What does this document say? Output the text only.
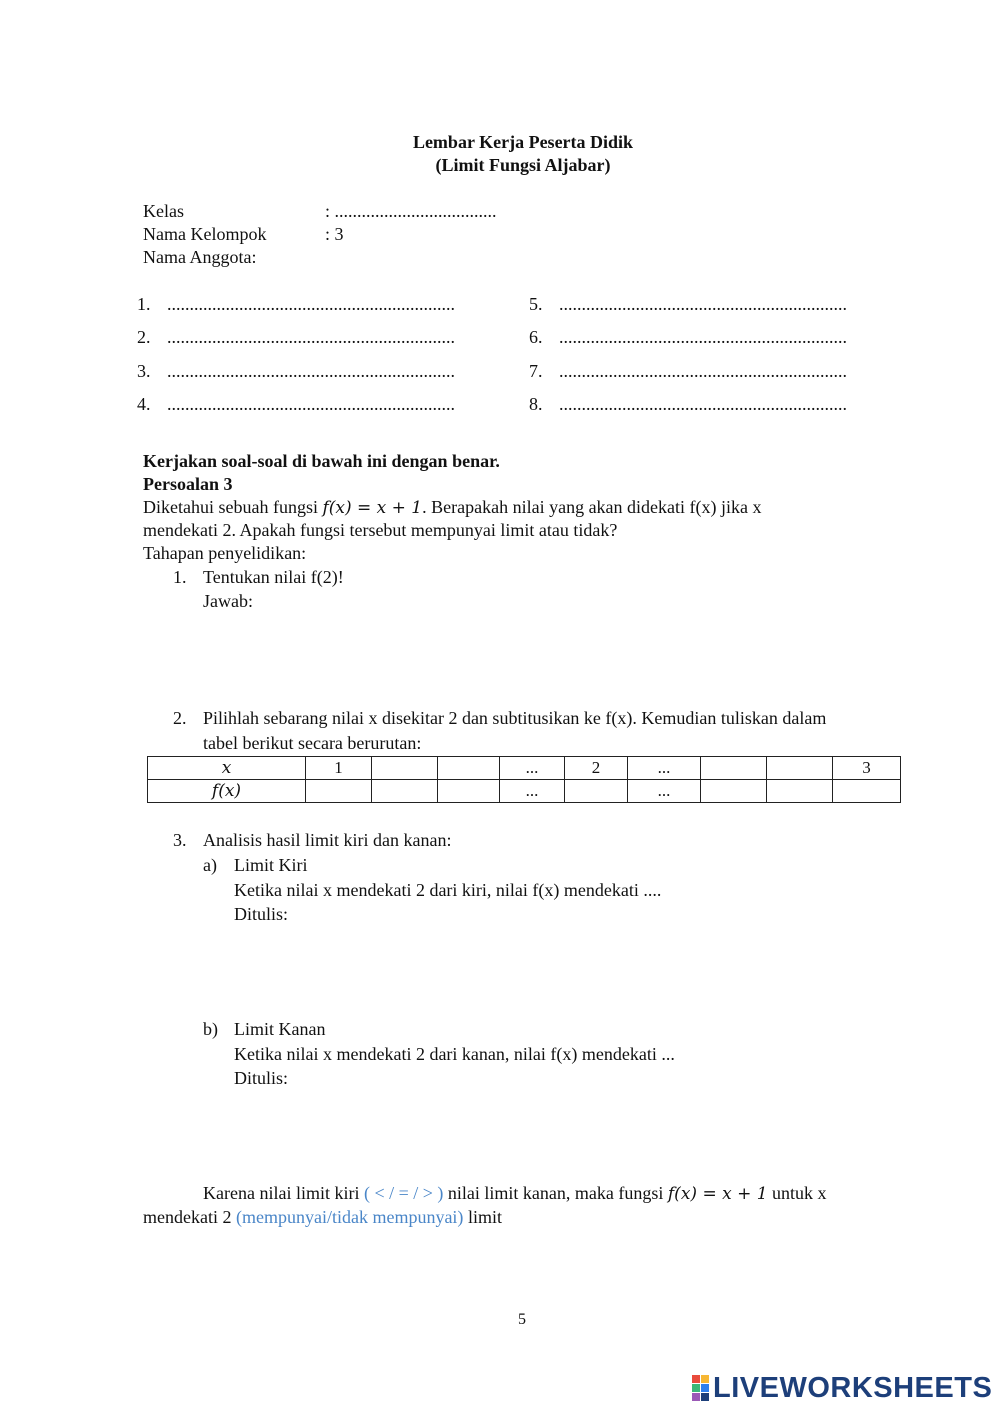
Lembar Kerja Peserta Didik
(Limit Fungsi Aljabar)
Kelas	: ....................................
Nama Kelompok	: 3
Nama Anggota:
1. ................................................................
2. ................................................................
3. ................................................................
4. ................................................................
5. ................................................................
6. ................................................................
7. ................................................................
8. ................................................................
Kerjakan soal-soal di bawah ini dengan benar.
Persoalan 3
Diketahui sebuah fungsi f(x) = x + 1. Berapakah nilai yang akan didekati f(x) jika x
mendekati 2. Apakah fungsi tersebut mempunyai limit atau tidak?
Tahapan penyelidikan:
1. Tentukan nilai f(2)!
Jawab:
2. Pilihlah sebarang nilai x disekitar 2 dan subtitusikan ke f(x). Kemudian tuliskan dalam
tabel berikut secara berurutan:
x	1			...	2	...			3
f(x)				...		...			
3. Analisis hasil limit kiri dan kanan:
a) Limit Kiri
Ketika nilai x mendekati 2 dari kiri, nilai f(x) mendekati ....
Ditulis:
b) Limit Kanan
Ketika nilai x mendekati 2 dari kanan, nilai f(x) mendekati ...
Ditulis:
Karena nilai limit kiri ( < / = / > ) nilai limit kanan, maka fungsi f(x) = x + 1 untuk x
mendekati 2 (mempunyai/tidak mempunyai) limit
5
LIVEWORKSHEETS
